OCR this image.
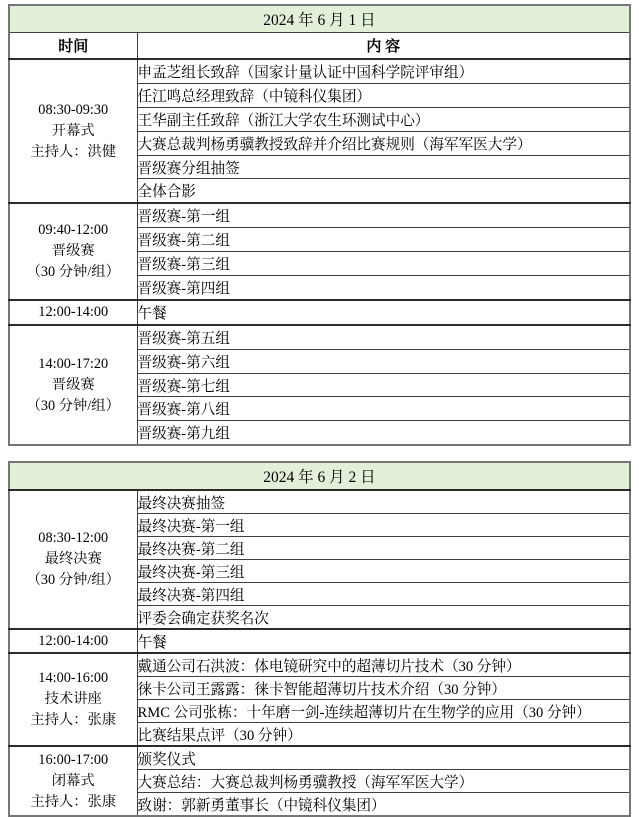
2024 年 6 月 1 日	
时间	内 容

08:30-09:30
开幕式
主持人：洪健	申孟芝组长致辞（国家计量认证中国科学院评审组）
	任江鸣总经理致辞（中镜科仪集团）
	王华副主任致辞（浙江大学农生环测试中心）
	大赛总裁判杨勇骥教授致辞并介绍比赛规则（海军军医大学）
	晋级赛分组抽签
	全体合影

09:40-12:00
晋级赛
（30 分钟/组）	晋级赛-第一组
	晋级赛-第二组
	晋级赛-第三组
	晋级赛-第四组

12:00-14:00	午餐

14:00-17:20
晋级赛
（30 分钟/组）	晋级赛-第五组
	晋级赛-第六组
	晋级赛-第七组
	晋级赛-第八组
	晋级赛-第九组
2024 年 6 月 2 日	

08:30-12:00
最终决赛
（30 分钟/组）	最终决赛抽签
	最终决赛-第一组
	最终决赛-第二组
	最终决赛-第三组
	最终决赛-第四组
	评委会确定获奖名次

12:00-14:00	午餐

14:00-16:00
技术讲座
主持人：张康	戴通公司石洪波：体电镜研究中的超薄切片技术（30 分钟）
	徕卡公司王露露：徕卡智能超薄切片技术介绍（30 分钟）
	RMC 公司张栋：十年磨一剑-连续超薄切片在生物学的应用（30 分钟）
	比赛结果点评（30 分钟）

16:00-17:00
闭幕式
主持人：张康	颁奖仪式
	大赛总结：大赛总裁判杨勇骥教授（海军军医大学）
	致谢：郭新勇董事长（中镜科仪集团）
